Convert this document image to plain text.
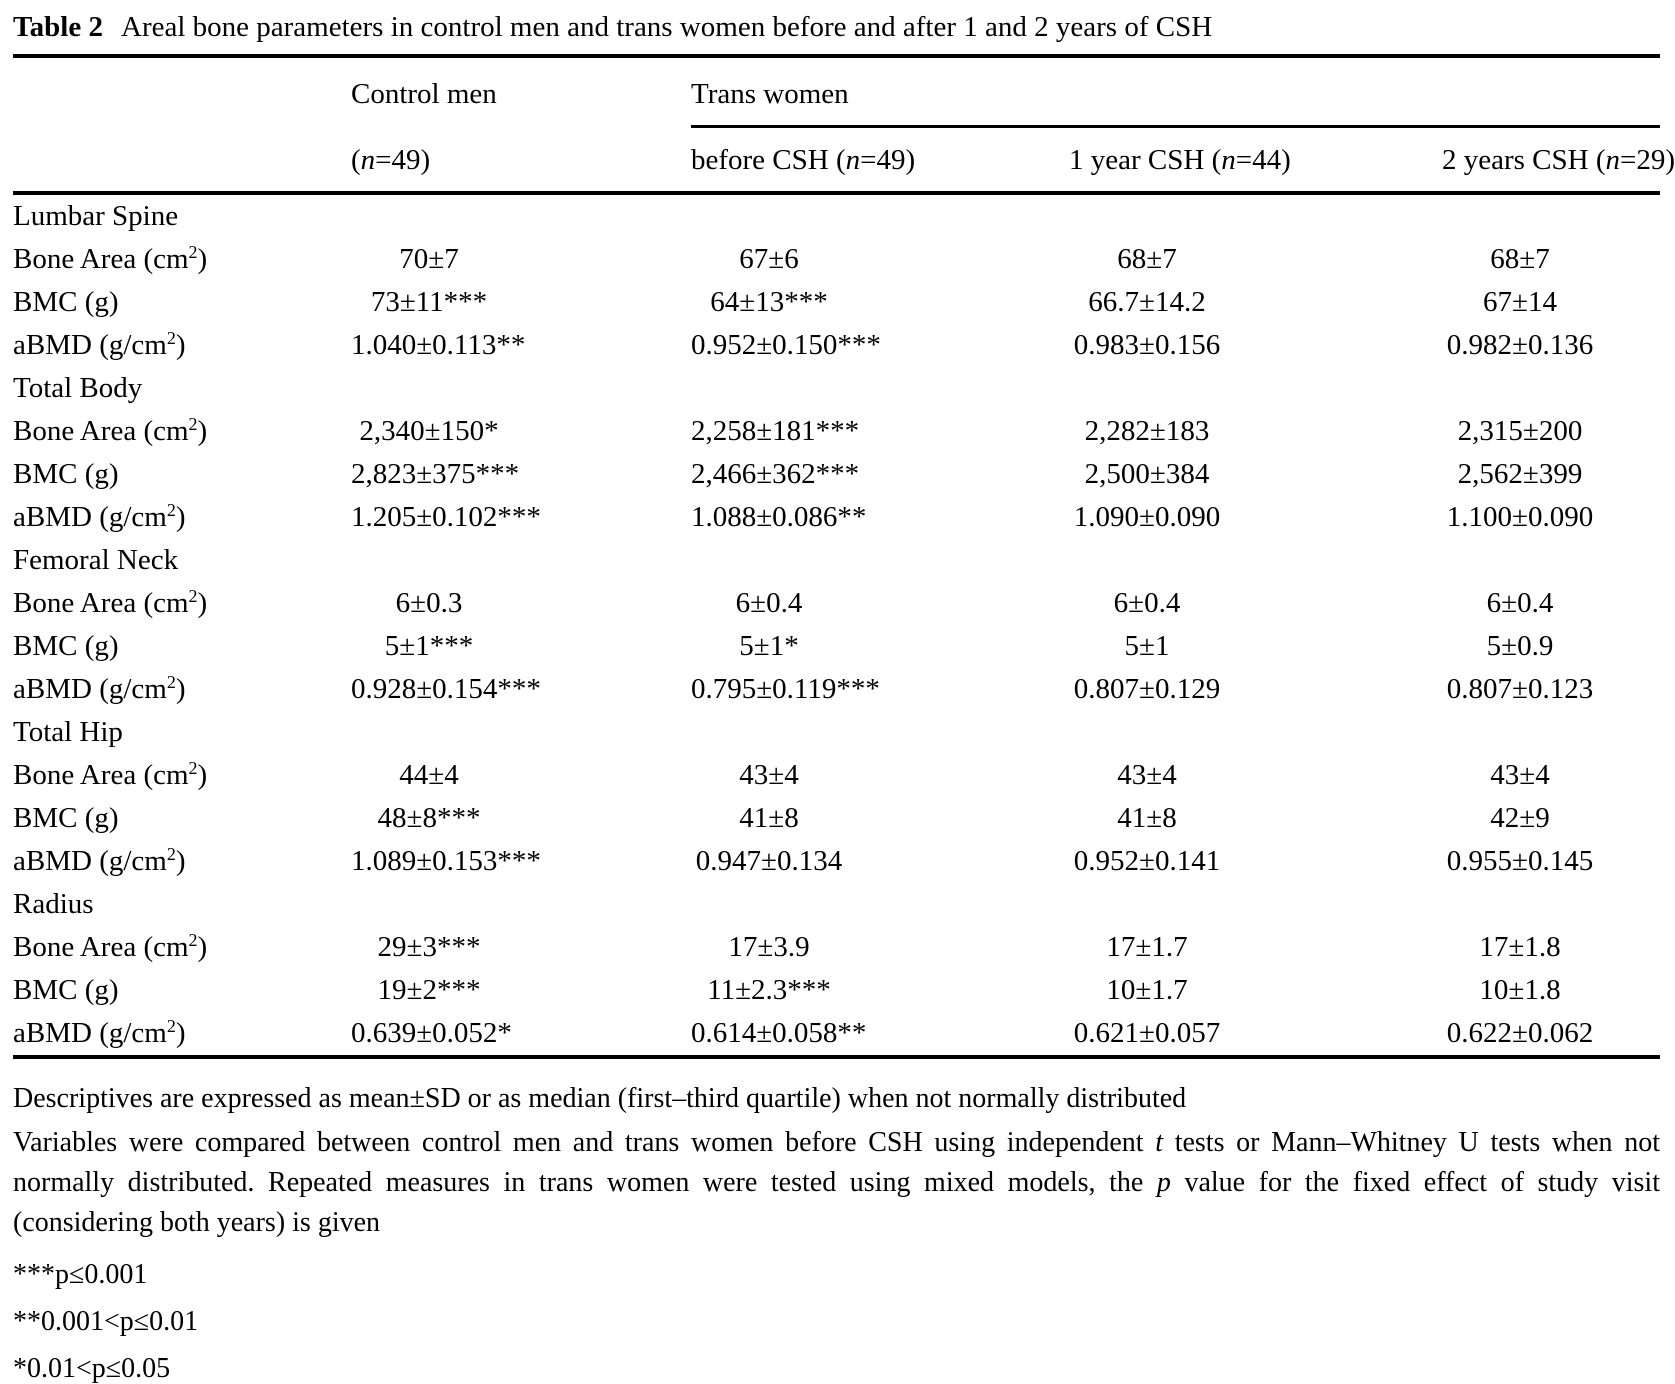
Table 2 Areal bone parameters in control men and trans women before and after 1 and 2 years of CSH
Control men	Trans women
(n=49)	before CSH (n=49)	1 year CSH (n=44)	2 years CSH (n=29)
Lumbar Spine
Bone Area $(cm^2)$	70±7	67±6	68±7	68±7
BMC (g)	73±11***	64±13***	66.7±14.2	67±14
aBMD $(g/cm^2)$	1.040±0.113**	0.952±0.150***	0.983±0.156	0.982±0.136
Total Body
Bone Area $(cm^2)$	2,340±150*	2,258±181***	2,282±183	2,315±200
BMC (g)	2,823±375***	2,466±362***	2,500±384	2,562±399
aBMD $(g/cm^2)$	1.205±0.102***	1.088±0.086**	1.090±0.090	1.100±0.090
Femoral Neck
Bone Area $(cm^2)$	6±0.3	6±0.4	6±0.4	6±0.4
BMC (g)	5±1***	5±1*	5±1	5±0.9
aBMD $(g/cm^2)$	0.928±0.154***	0.795±0.119***	0.807±0.129	0.807±0.123
Total Hip
Bone Area $(cm^2)$	44±4	43±4	43±4	43±4
BMC (g)	48±8***	41±8	41±8	42±9
aBMD $(g/cm^2)$	1.089±0.153***	0.947±0.134	0.952±0.141	0.955±0.145
Radius
Bone Area $(cm^2)$	29±3***	17±3.9	17±1.7	17±1.8
BMC (g)	19±2***	11±2.3***	10±1.7	10±1.8
aBMD $(g/cm^2)$	0.639±0.052*	0.614±0.058**	0.621±0.057	0.622±0.062
Descriptives are expressed as mean±SD or as median (first–third quartile) when not normally distributed
Variables were compared between control men and trans women before CSH using independent t tests or Mann–Whitney U tests when not normally distributed. Repeated measures in trans women were tested using mixed models, the p value for the fixed effect of study visit (considering both years) is given
***p≤0.001
**0.001<p≤0.01
*0.01<p≤0.05
